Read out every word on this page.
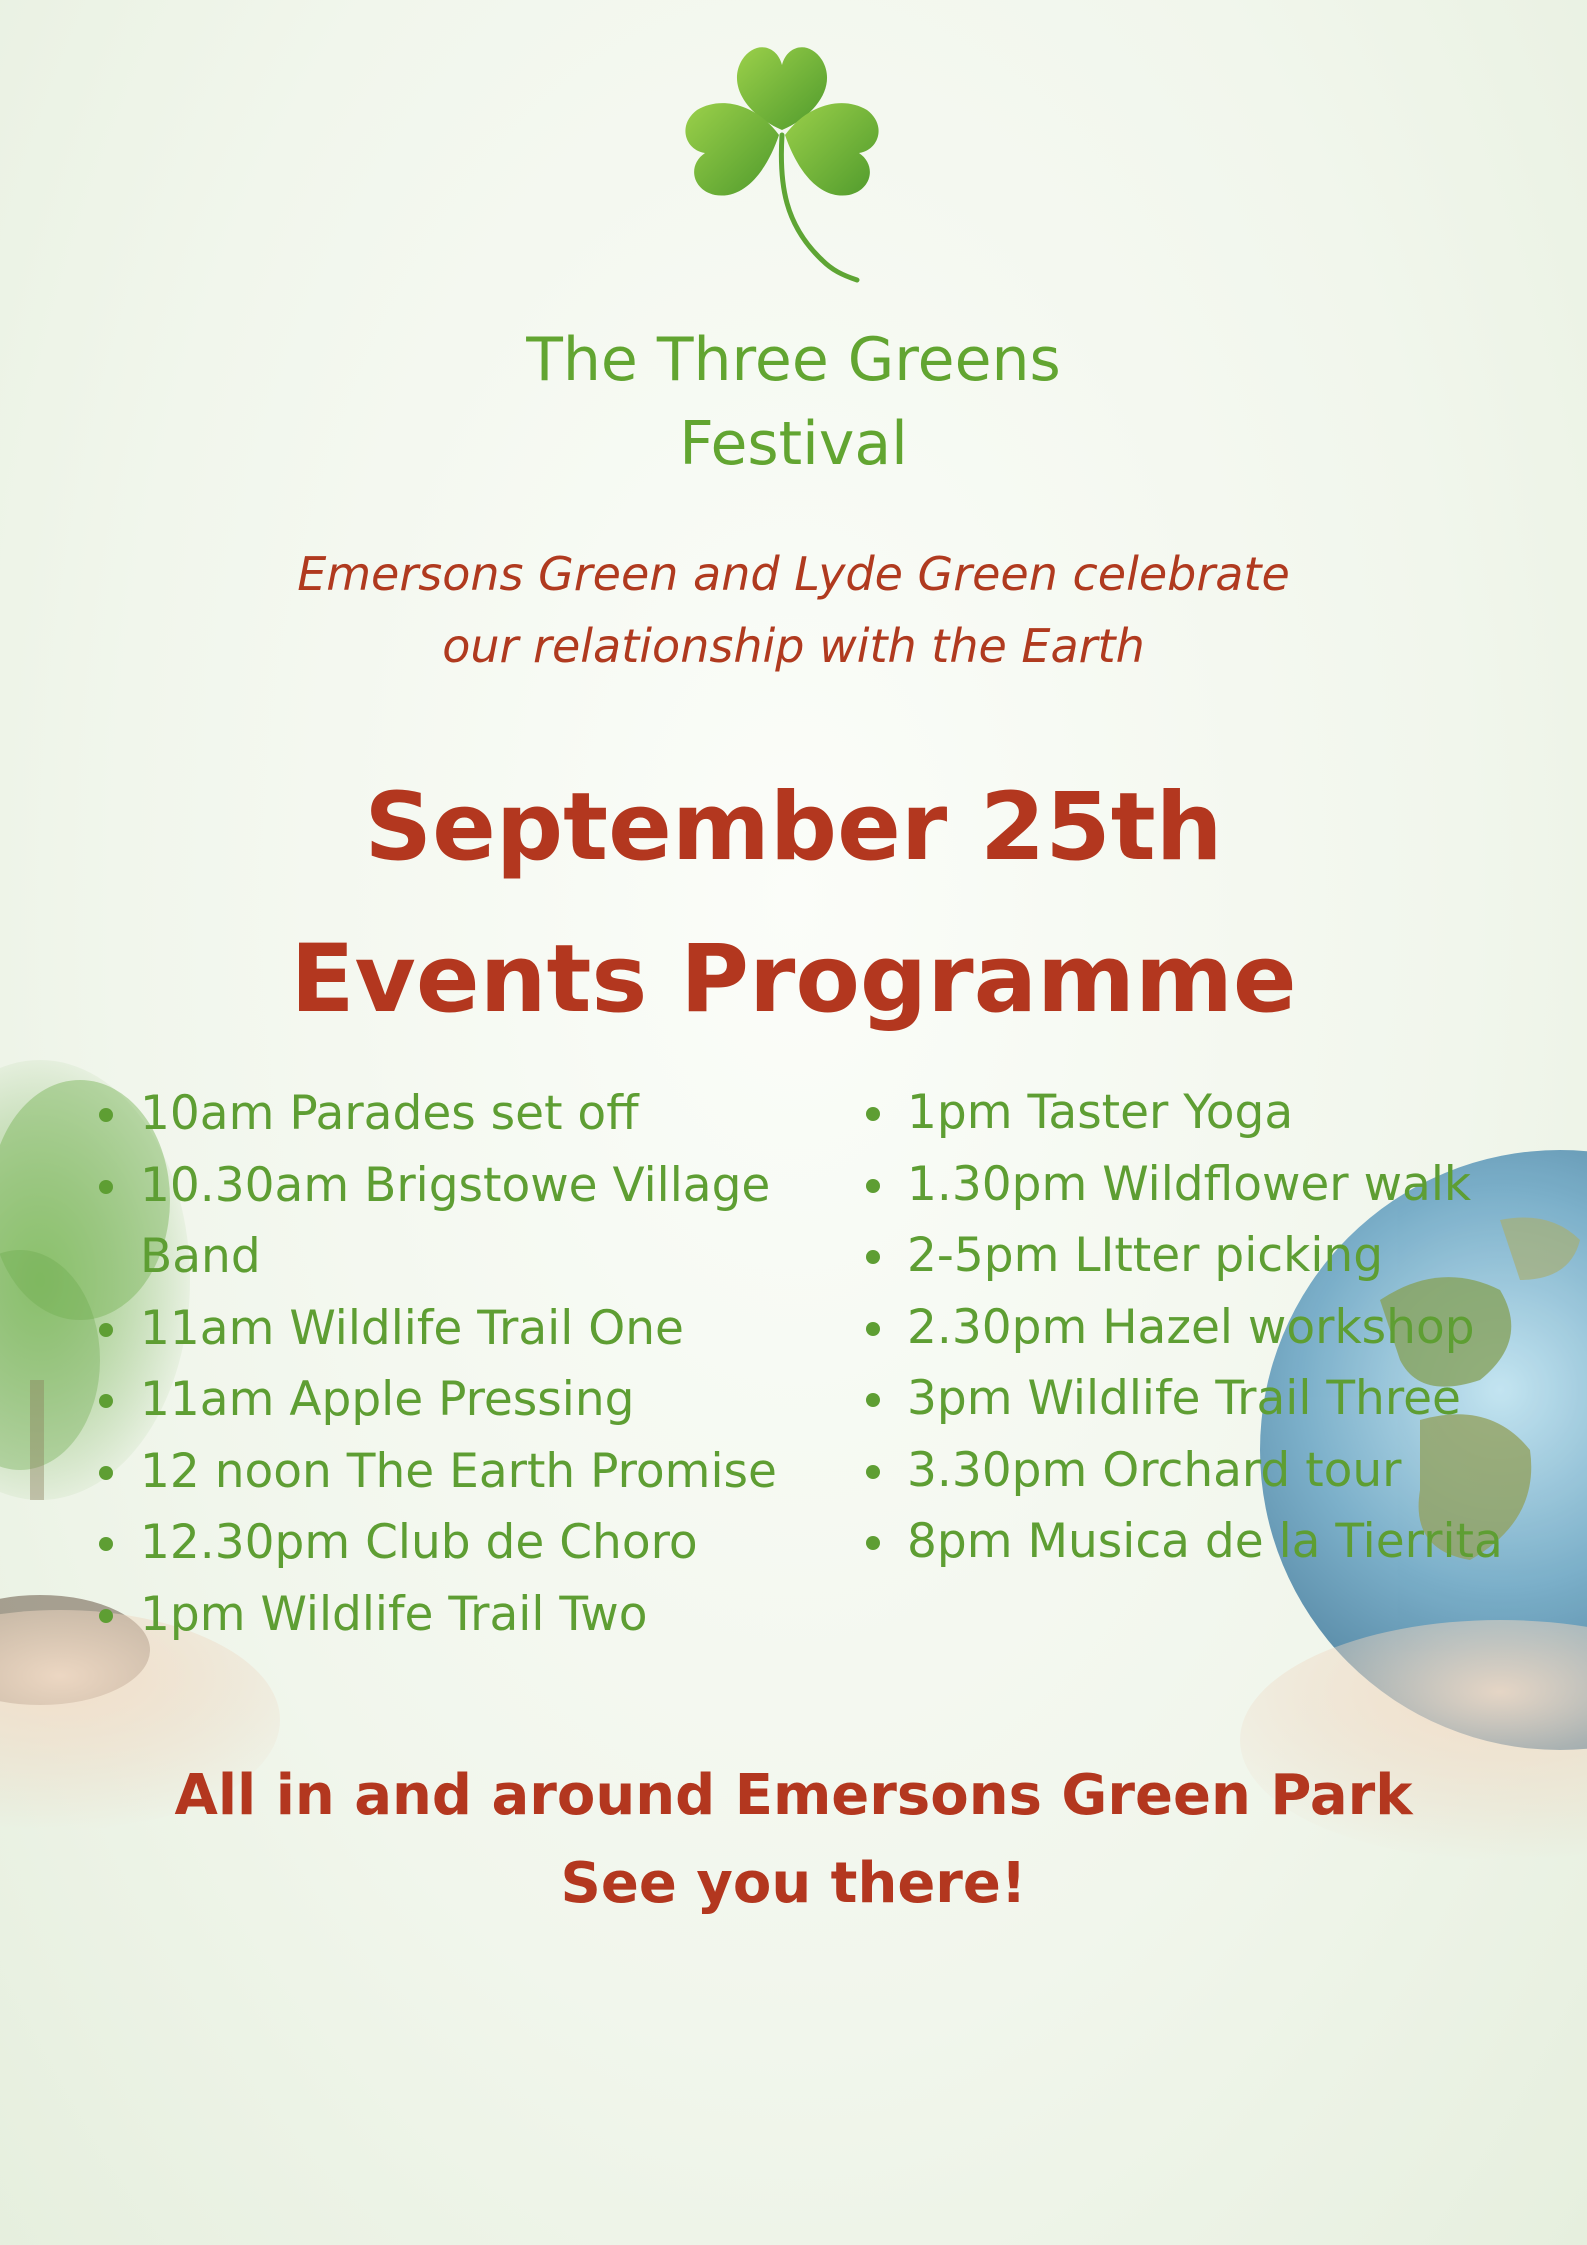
The Three Greens
Festival
Emersons Green and Lyde Green celebrate
our relationship with the Earth
September 25th
Events Programme
10am Parades set off
10.30am Brigstowe Village
Band
11am Wildlife Trail One
11am Apple Pressing
12 noon The Earth Promise
12.30pm Club de Choro
1pm Wildlife Trail Two
1pm Taster Yoga
1.30pm Wildflower walk
2-5pm LItter picking
2.30pm Hazel workshop
3pm Wildlife Trail Three
3.30pm Orchard tour
8pm Musica de la Tierrita
All in and around Emersons Green Park
See you there!
